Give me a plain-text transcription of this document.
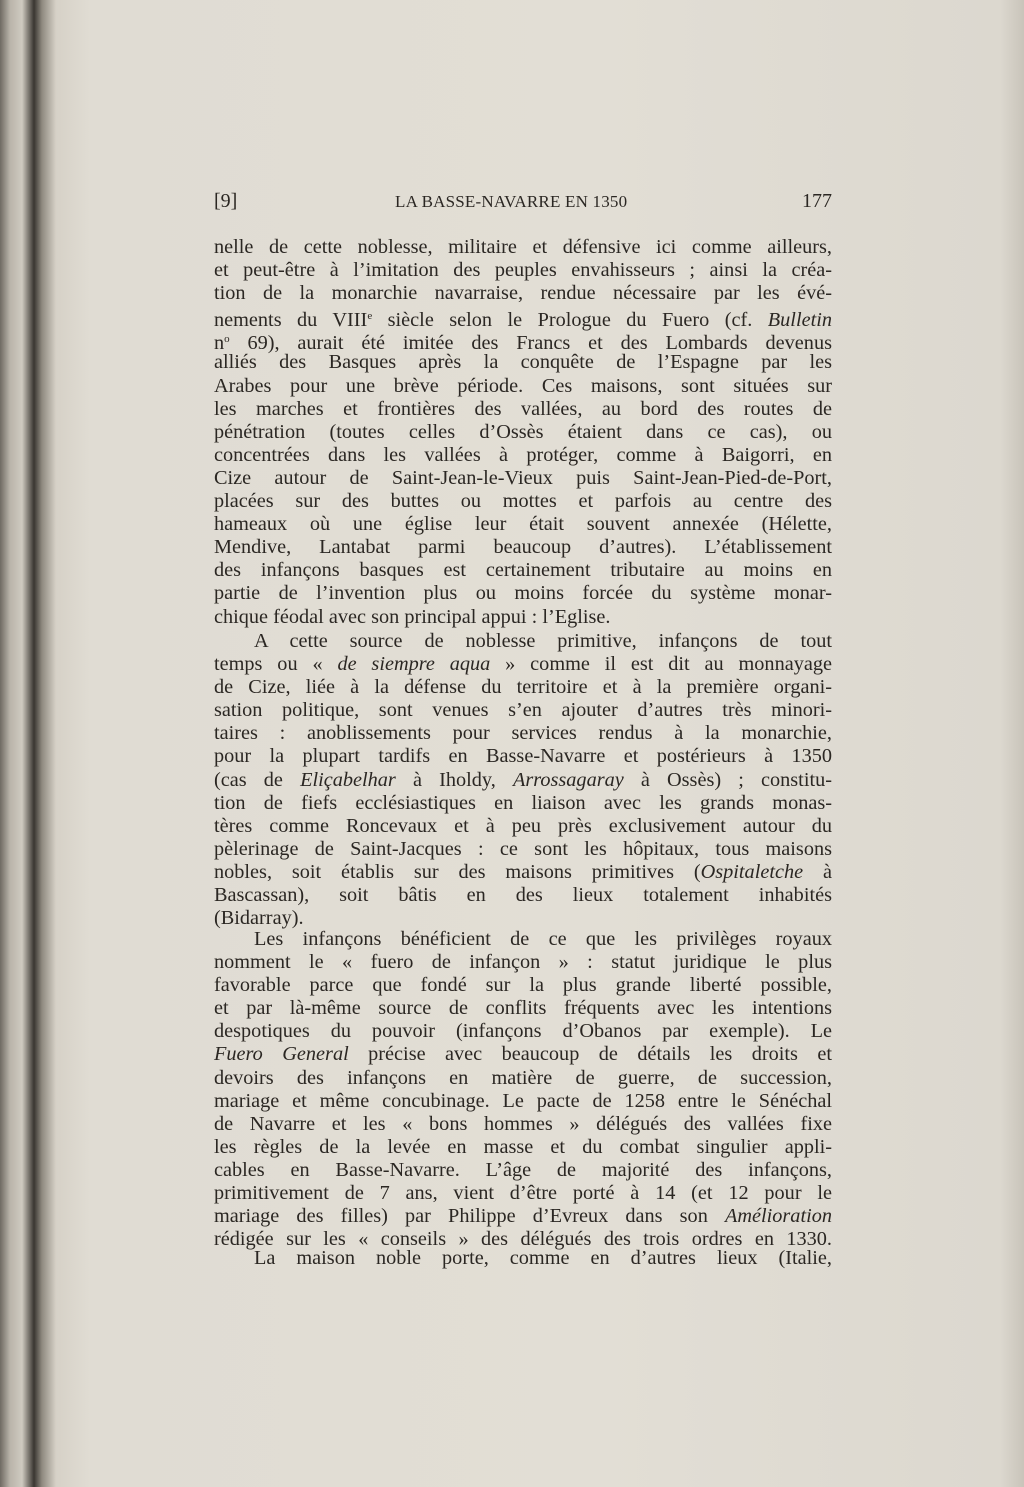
[9]	LA BASSE-NAVARRE EN 1350	177
nelle de cette noblesse, militaire et défensive ici comme ailleurs,
et peut-être à l’imitation des peuples envahisseurs ; ainsi la créa-
tion de la monarchie navarraise, rendue nécessaire par les évé-
nements du VIIIe siècle selon le Prologue du Fuero (cf. Bulletin
$n^o$ 69), aurait été imitée des Francs et des Lombards devenus
alliés des Basques après la conquête de l’Espagne par les
Arabes pour une brève période. Ces maisons, sont situées sur
les marches et frontières des vallées, au bord des routes de
pénétration (toutes celles d’Ossès étaient dans ce cas), ou
concentrées dans les vallées à protéger, comme à Baigorri, en
Cize autour de Saint-Jean-le-Vieux puis Saint-Jean-Pied-de-Port,
placées sur des buttes ou mottes et parfois au centre des
hameaux où une église leur était souvent annexée (Hélette,
Mendive, Lantabat parmi beaucoup d’autres). L’établissement
des infançons basques est certainement tributaire au moins en
partie de l’invention plus ou moins forcée du système monar-
chique féodal avec son principal appui : l’Eglise.
A cette source de noblesse primitive, infançons de tout
temps ou « de siempre aqua » comme il est dit au monnayage
de Cize, liée à la défense du territoire et à la première organi-
sation politique, sont venues s’en ajouter d’autres très minori-
taires : anoblissements pour services rendus à la monarchie,
pour la plupart tardifs en Basse-Navarre et postérieurs à 1350
(cas de Eliçabelhar à Iholdy, Arrossagaray à Ossès) ; constitu-
tion de fiefs ecclésiastiques en liaison avec les grands monas-
tères comme Roncevaux et à peu près exclusivement autour du
pèlerinage de Saint-Jacques : ce sont les hôpitaux, tous maisons
nobles, soit établis sur des maisons primitives (Ospitaletche à
Bascassan), soit bâtis en des lieux totalement inhabités
(Bidarray).
Les infançons bénéficient de ce que les privilèges royaux
nomment le « fuero de infançon » : statut juridique le plus
favorable parce que fondé sur la plus grande liberté possible,
et par là-même source de conflits fréquents avec les intentions
despotiques du pouvoir (infançons d’Obanos par exemple). Le
Fuero General précise avec beaucoup de détails les droits et
devoirs des infançons en matière de guerre, de succession,
mariage et même concubinage. Le pacte de 1258 entre le Sénéchal
de Navarre et les « bons hommes » délégués des vallées fixe
les règles de la levée en masse et du combat singulier appli-
cables en Basse-Navarre. L’âge de majorité des infançons,
primitivement de 7 ans, vient d’être porté à 14 (et 12 pour le
mariage des filles) par Philippe d’Evreux dans son Amélioration
rédigée sur les « conseils » des délégués des trois ordres en 1330.
La maison noble porte, comme en d’autres lieux (Italie,
